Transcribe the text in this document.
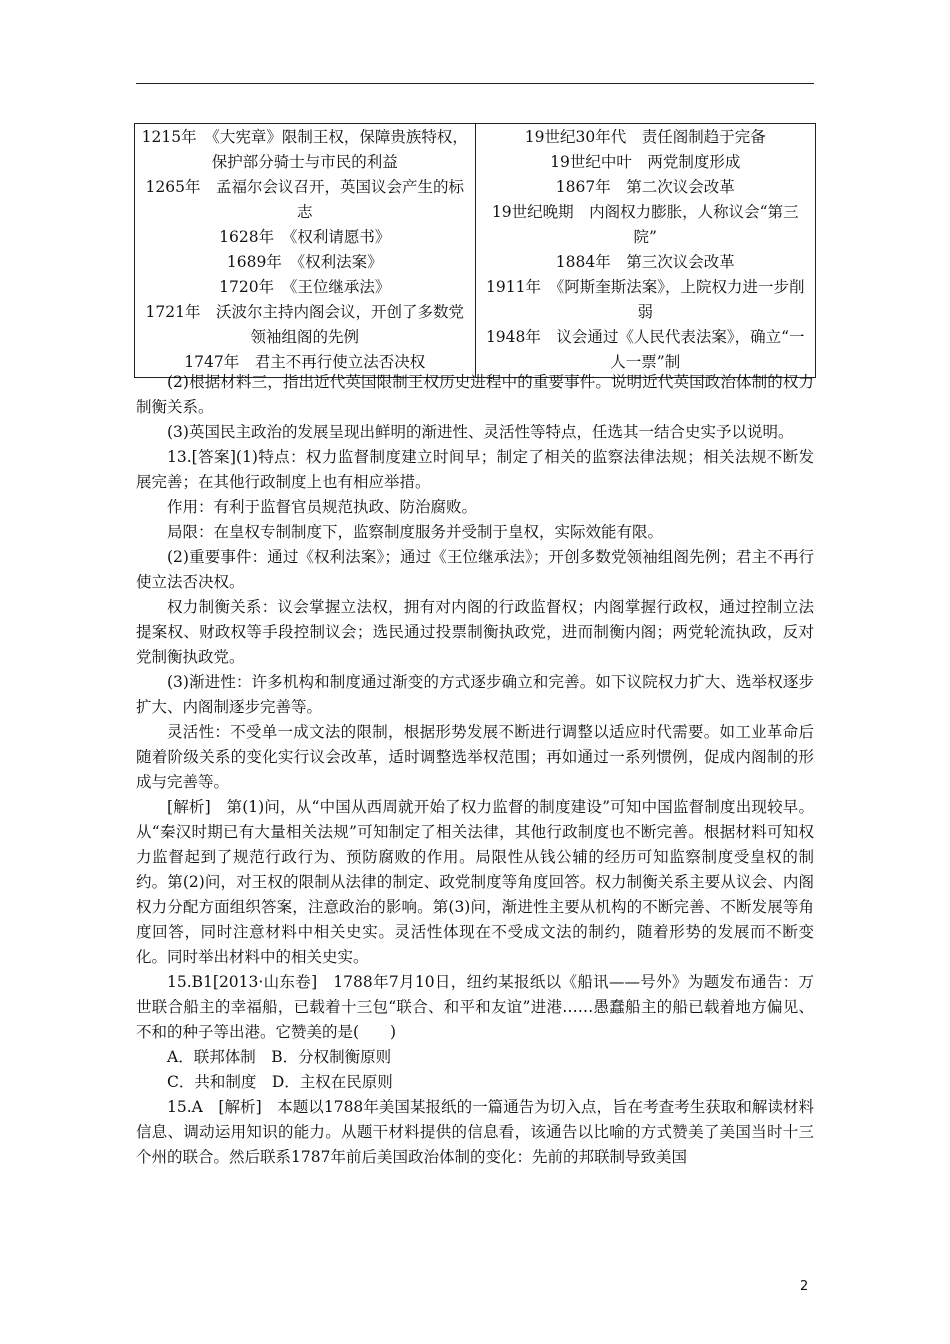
1215年　《大宪章》限制王权，保障贵族特权，保护部分骑士与市民的利益
1265年　孟福尔会议召开，英国议会产生的标志
1628年　《权利请愿书》
1689年　《权利法案》
1720年　《王位继承法》
1721年　沃波尔主持内阁会议，开创了多数党领袖组阁的先例
1747年　君主不再行使立法否决权

19世纪30年代　责任阁制趋于完备
19世纪中叶　两党制度形成
1867年　第二次议会改革
19世纪晚期　内阁权力膨胀，人称议会“第三院”
1884年　第三次议会改革
1911年　《阿斯奎斯法案》，上院权力进一步削弱
1948年　议会通过《人民代表法案》，确立“一人一票”制

(2)根据材料三，指出近代英国限制王权历史进程中的重要事件。说明近代英国政治体制的权力制衡关系。

(3)英国民主政治的发展呈现出鲜明的渐进性、灵活性等特点，任选其一结合史实予以说明。

13.[答案](1)特点：权力监督制度建立时间早；制定了相关的监察法律法规；相关法规不断发展完善；在其他行政制度上也有相应举措。

作用：有利于监督官员规范执政、防治腐败。

局限：在皇权专制制度下，监察制度服务并受制于皇权，实际效能有限。

(2)重要事件：通过《权利法案》；通过《王位继承法》；开创多数党领袖组阁先例；君主不再行使立法否决权。

权力制衡关系：议会掌握立法权，拥有对内阁的行政监督权；内阁掌握行政权，通过控制立法提案权、财政权等手段控制议会；选民通过投票制衡执政党，进而制衡内阁；两党轮流执政，反对党制衡执政党。

(3)渐进性：许多机构和制度通过渐变的方式逐步确立和完善。如下议院权力扩大、选举权逐步扩大、内阁制逐步完善等。

灵活性：不受单一成文法的限制，根据形势发展不断进行调整以适应时代需要。如工业革命后随着阶级关系的变化实行议会改革，适时调整选举权范围；再如通过一系列惯例，促成内阁制的形成与完善等。

[解析]　第(1)问，从“中国从西周就开始了权力监督的制度建设”可知中国监督制度出现较早。从“秦汉时期已有大量相关法规”可知制定了相关法律，其他行政制度也不断完善。根据材料可知权力监督起到了规范行政行为、预防腐败的作用。局限性从钱公辅的经历可知监察制度受皇权的制约。第(2)问，对王权的限制从法律的制定、政党制度等角度回答。权力制衡关系主要从议会、内阁权力分配方面组织答案，注意政治的影响。第(3)问，渐进性主要从机构的不断完善、不断发展等角度回答，同时注意材料中相关史实。灵活性体现在不受成文法的制约，随着形势的发展而不断变化。同时举出材料中的相关史实。

15.B1[2013·山东卷]　1788年7月10日，纽约某报纸以《船讯——号外》为题发布通告：万世联合船主的幸福船，已载着十三包“联合、和平和友谊”进港……愚蠢船主的船已载着地方偏见、不和的种子等出港。它赞美的是(　　)

A．联邦体制　B．分权制衡原则

C．共和制度　D．主权在民原则

15.A　[解析]　本题以1788年美国某报纸的一篇通告为切入点，旨在考查考生获取和解读材料信息、调动运用知识的能力。从题干材料提供的信息看，该通告以比喻的方式赞美了美国当时十三个州的联合。然后联系1787年前后美国政治体制的变化：先前的邦联制导致美国

2
